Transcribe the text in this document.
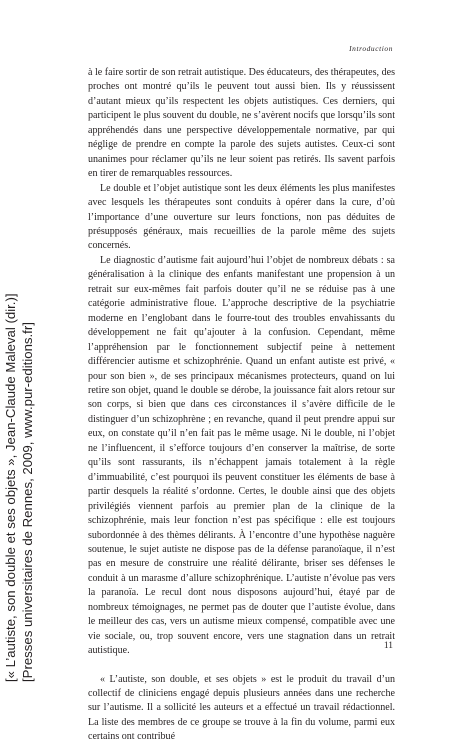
Introduction

à le faire sortir de son retrait autistique. Des éducateurs, des thérapeutes, des proches ont montré qu’ils le peuvent tout aussi bien. Ils y réussissent d’autant mieux qu’ils respectent les objets autistiques. Ces derniers, qui participent le plus souvent du double, ne s’avèrent nocifs que lorsqu’ils sont appréhendés dans une perspective développementale normative, par qui néglige de prendre en compte la parole des sujets autistes. Ceux-ci sont unanimes pour réclamer qu’ils ne leur soient pas retirés. Ils savent parfois en tirer de remarquables ressources.

Le double et l’objet autistique sont les deux éléments les plus manifestes avec lesquels les thérapeutes sont conduits à opérer dans la cure, d’où l’importance d’une ouverture sur leurs fonctions, non pas déduites de présupposés généraux, mais recueillies de la parole même des sujets concernés.

Le diagnostic d’autisme fait aujourd’hui l’objet de nombreux débats : sa généralisation à la clinique des enfants manifestant une propension à un retrait sur eux-mêmes fait parfois douter qu’il ne se réduise pas à une catégorie administrative floue. L’approche descriptive de la psychiatrie moderne en l’englobant dans le fourre-tout des troubles envahissants du développement ne fait qu’ajouter à la confusion. Cependant, même l’appréhension par le fonctionnement subjectif peine à nettement différencier autisme et schizophrénie. Quand un enfant autiste est privé, « pour son bien », de ses principaux mécanismes protecteurs, quand on lui retire son objet, quand le double se dérobe, la jouissance fait alors retour sur son corps, si bien que dans ces circonstances il s’avère difficile de le distinguer d’un schizophrène ; en revanche, quand il peut prendre appui sur eux, on constate qu’il n’en fait pas le même usage. Ni le double, ni l’objet ne l’influencent, il s’efforce toujours d’en conserver la maîtrise, de sorte qu’ils sont rassurants, ils n’échappent jamais totalement à la règle d’immuabilité, c’est pourquoi ils peuvent constituer les éléments de base à partir desquels la réalité s’ordonne. Certes, le double ainsi que des objets privilégiés viennent parfois au premier plan de la clinique de la schizophrénie, mais leur fonction n’est pas spécifique : elle est toujours subordonnée à des thèmes délirants. À l’encontre d’une hypothèse naguère soutenue, le sujet autiste ne dispose pas de la défense paranoïaque, il n’est pas en mesure de construire une réalité délirante, briser ses défenses le conduit à un marasme d’allure schizophrénique. L’autiste n’évolue pas vers la paranoïa. Le recul dont nous disposons aujourd’hui, étayé par de nombreux témoignages, ne permet pas de douter que l’autiste évolue, dans le meilleur des cas, vers un autisme mieux compensé, compatible avec une vie sociale, ou, trop souvent encore, vers une stagnation dans un retrait autistique.

« L’autiste, son double, et ses objets » est le produit du travail d’un collectif de cliniciens engagé depuis plusieurs années dans une recherche sur l’autisme. Il a sollicité les auteurs et a effectué un travail rédactionnel. La liste des membres de ce groupe se trouve à la fin du volume, parmi eux certains ont contribué

11
[« L’autiste, son double et ses objets », Jean-Claude Maleval (dir.)] [Presses universitaires de Rennes, 2009, www.pur-editions.fr]
